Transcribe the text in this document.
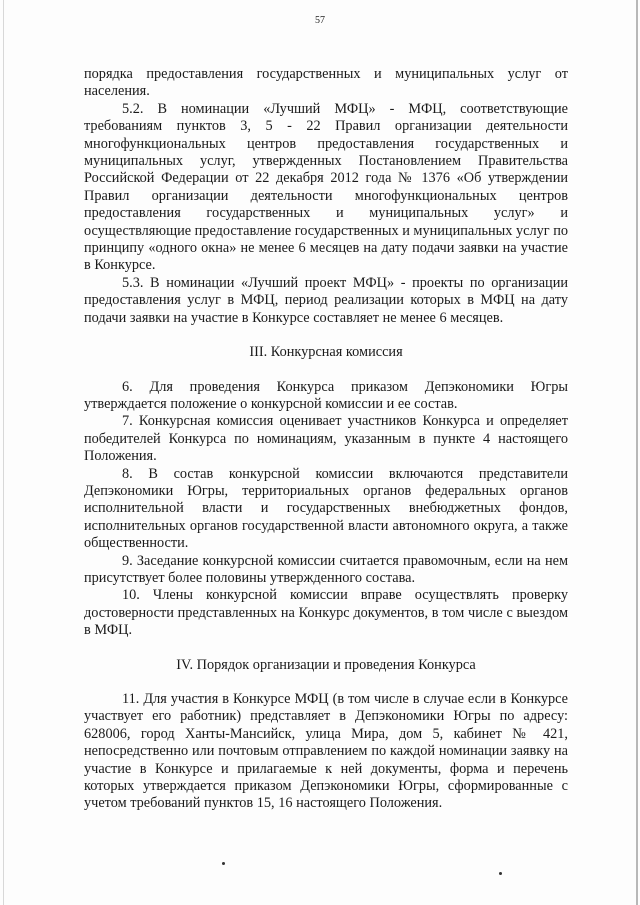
57

порядка предоставления государственных и муниципальных услуг от населения.

5.2. В номинации «Лучший МФЦ» - МФЦ, соответствующие требованиям пунктов 3, 5 - 22 Правил организации деятельности многофункциональных центров предоставления государственных и муниципальных услуг, утвержденных Постановлением Правительства Российской Федерации от 22 декабря 2012 года № 1376 «Об утверждении Правил организации деятельности многофункциональных центров предоставления государственных и муниципальных услуг» и осуществляющие предоставление государственных и муниципальных услуг по принципу «одного окна» не менее 6 месяцев на дату подачи заявки на участие в Конкурсе.

5.3. В номинации «Лучший проект МФЦ» - проекты по организации предоставления услуг в МФЦ, период реализации которых в МФЦ на дату подачи заявки на участие в Конкурсе составляет не менее 6 месяцев.

III. Конкурсная комиссия

6. Для проведения Конкурса приказом Депэкономики Югры утверждается положение о конкурсной комиссии и ее состав.

7. Конкурсная комиссия оценивает участников Конкурса и определяет победителей Конкурса по номинациям, указанным в пункте 4 настоящего Положения.

8. В состав конкурсной комиссии включаются представители Депэкономики Югры, территориальных органов федеральных органов исполнительной власти и государственных внебюджетных фондов, исполнительных органов государственной власти автономного округа, а также общественности.

9. Заседание конкурсной комиссии считается правомочным, если на нем присутствует более половины утвержденного состава.

10. Члены конкурсной комиссии вправе осуществлять проверку достоверности представленных на Конкурс документов, в том числе с выездом в МФЦ.

IV. Порядок организации и проведения Конкурса

11. Для участия в Конкурсе МФЦ (в том числе в случае если в Конкурсе участвует его работник) представляет в Депэкономики Югры по адресу: 628006, город Ханты-Мансийск, улица Мира, дом 5, кабинет № 421, непосредственно или почтовым отправлением по каждой номинации заявку на участие в Конкурсе и прилагаемые к ней документы, форма и перечень которых утверждается приказом Депэкономики Югры, сформированные с учетом требований пунктов 15, 16 настоящего Положения.
